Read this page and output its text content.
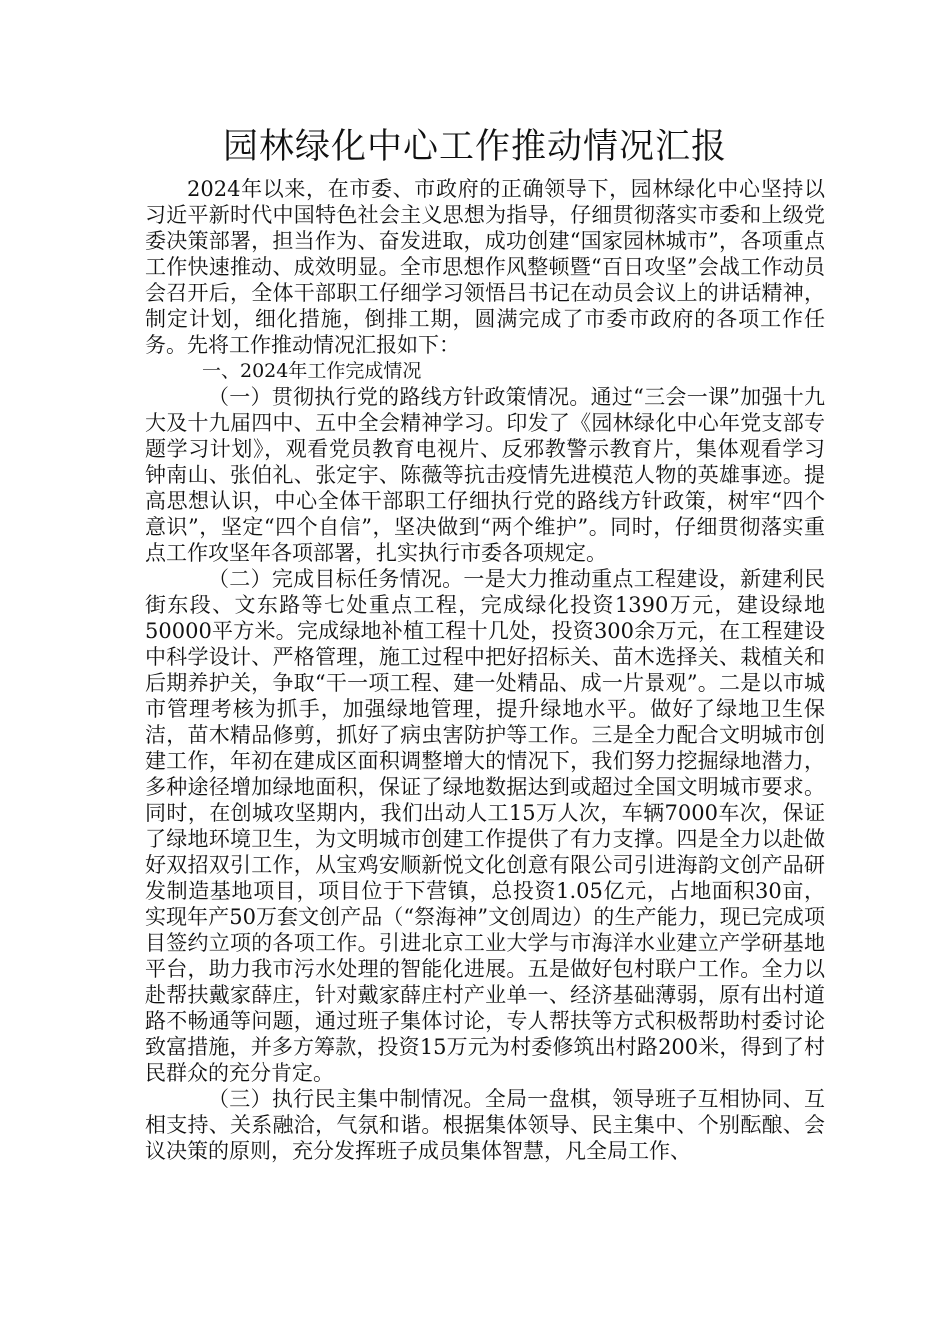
园林绿化中心工作推动情况汇报

2024年以来，在市委、市政府的正确领导下，园林绿化中心坚持以习近平新时代中国特色社会主义思想为指导，仔细贯彻落实市委和上级党委决策部署，担当作为、奋发进取，成功创建“国家园林城市”，各项重点工作快速推动、成效明显。全市思想作风整顿暨“百日攻坚”会战工作动员会召开后，全体干部职工仔细学习领悟吕书记在动员会议上的讲话精神，制定计划，细化措施，倒排工期，圆满完成了市委市政府的各项工作任务。先将工作推动情况汇报如下：

一、2024年工作完成情况

（一）贯彻执行党的路线方针政策情况。通过“三会一课”加强十九大及十九届四中、五中全会精神学习。印发了《园林绿化中心年党支部专题学习计划》，观看党员教育电视片、反邪教警示教育片，集体观看学习钟南山、张伯礼、张定宇、陈薇等抗击疫情先进模范人物的英雄事迹。提高思想认识，中心全体干部职工仔细执行党的路线方针政策，树牢“四个意识”，坚定“四个自信”，坚决做到“两个维护”。同时，仔细贯彻落实重点工作攻坚年各项部署，扎实执行市委各项规定。

（二）完成目标任务情况。一是大力推动重点工程建设，新建利民街东段、文东路等七处重点工程，完成绿化投资1390万元，建设绿地50000平方米。完成绿地补植工程十几处，投资300余万元，在工程建设中科学设计、严格管理，施工过程中把好招标关、苗木选择关、栽植关和后期养护关，争取“干一项工程、建一处精品、成一片景观”。二是以市城市管理考核为抓手，加强绿地管理，提升绿地水平。做好了绿地卫生保洁，苗木精品修剪，抓好了病虫害防护等工作。三是全力配合文明城市创建工作，年初在建成区面积调整增大的情况下，我们努力挖掘绿地潜力，多种途径增加绿地面积，保证了绿地数据达到或超过全国文明城市要求。同时，在创城攻坚期内，我们出动人工15万人次，车辆7000车次，保证了绿地环境卫生，为文明城市创建工作提供了有力支撑。四是全力以赴做好双招双引工作，从宝鸡安顺新悦文化创意有限公司引进海韵文创产品研发制造基地项目，项目位于下营镇，总投资1.05亿元，占地面积30亩，实现年产50万套文创产品（“祭海神”文创周边）的生产能力，现已完成项目签约立项的各项工作。引进北京工业大学与市海洋水业建立产学研基地平台，助力我市污水处理的智能化进展。五是做好包村联户工作。全力以赴帮扶戴家薛庄，针对戴家薛庄村产业单一、经济基础薄弱，原有出村道路不畅通等问题，通过班子集体讨论，专人帮扶等方式积极帮助村委讨论致富措施，并多方筹款，投资15万元为村委修筑出村路200米，得到了村民群众的充分肯定。

（三）执行民主集中制情况。全局一盘棋，领导班子互相协同、互相支持、关系融洽，气氛和谐。根据集体领导、民主集中、个别酝酿、会议决策的原则，充分发挥班子成员集体智慧，凡全局工作、
